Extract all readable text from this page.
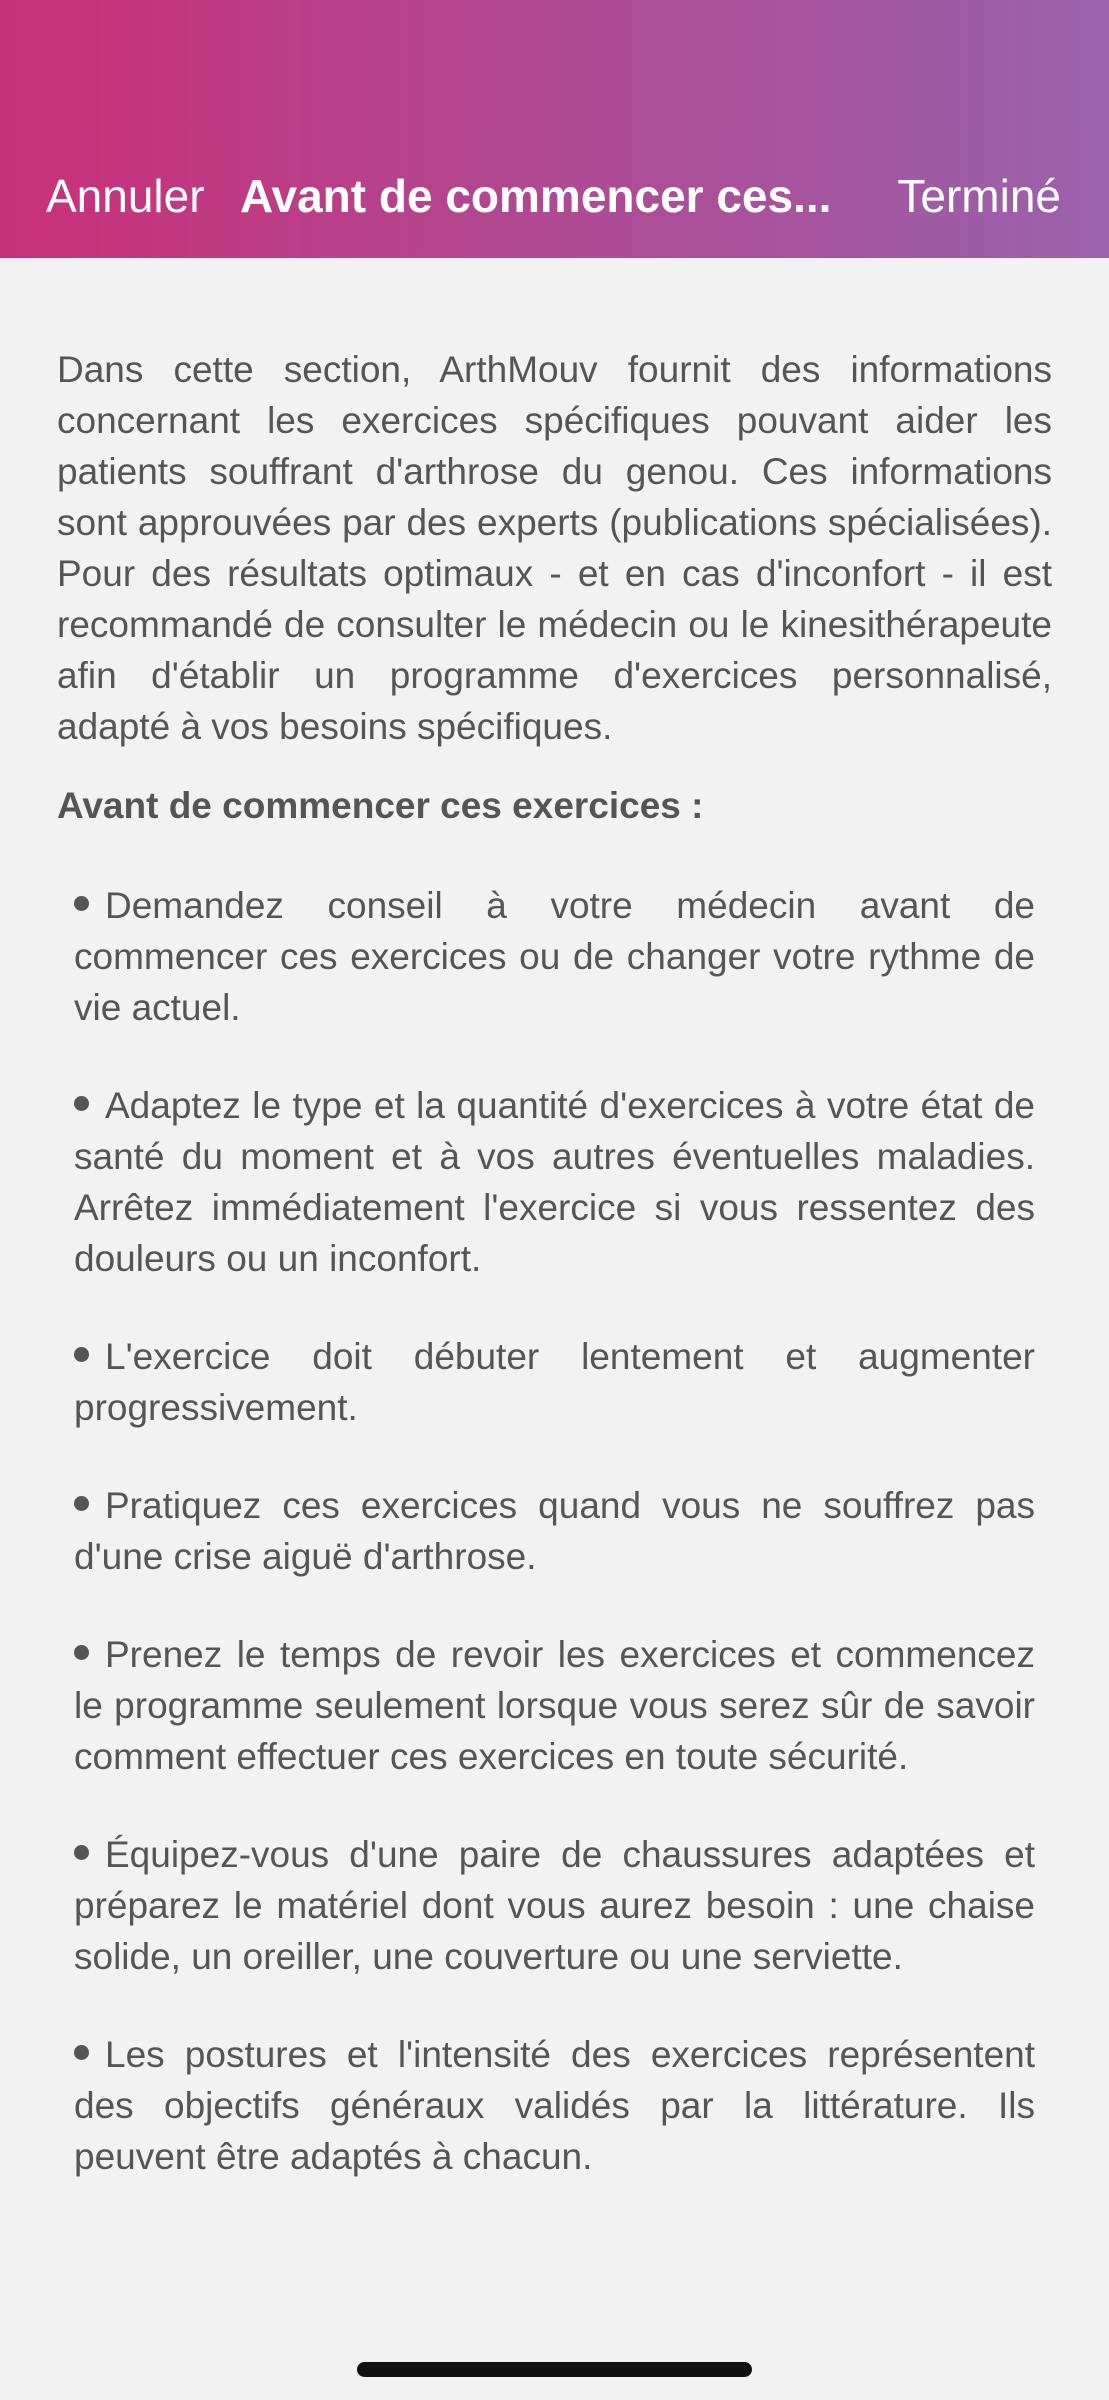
Annuler Avant de commencer ces...	Terminé

Dans cette section, ArthMouv fournit des informations concernant les exercices spécifiques pouvant aider les patients souffrant d'arthrose du genou. Ces informations sont approuvées par des experts (publications spécialisées). Pour des résultats optimaux - et en cas d'inconfort - il est recommandé de consulter le médecin ou le kinesithérapeute afin d'établir un programme d'exercices personnalisé, adapté à vos besoins spécifiques.

Avant de commencer ces exercices :

Demandez conseil à votre médecin avant de commencer ces exercices ou de changer votre rythme de vie actuel.
Adaptez le type et la quantité d'exercices à votre état de santé du moment et à vos autres éventuelles maladies. Arrêtez immédiatement l'exercice si vous ressentez des douleurs ou un inconfort.
L'exercice doit débuter lentement et augmenter progressivement.
Pratiquez ces exercices quand vous ne souffrez pas d'une crise aiguë d'arthrose.
Prenez le temps de revoir les exercices et commencez le programme seulement lorsque vous serez sûr de savoir comment effectuer ces exercices en toute sécurité.
Équipez-vous d'une paire de chaussures adaptées et préparez le matériel dont vous aurez besoin : une chaise solide, un oreiller, une couverture ou une serviette.
Les postures et l'intensité des exercices représentent des objectifs généraux validés par la littérature. Ils peuvent être adaptés à chacun.
